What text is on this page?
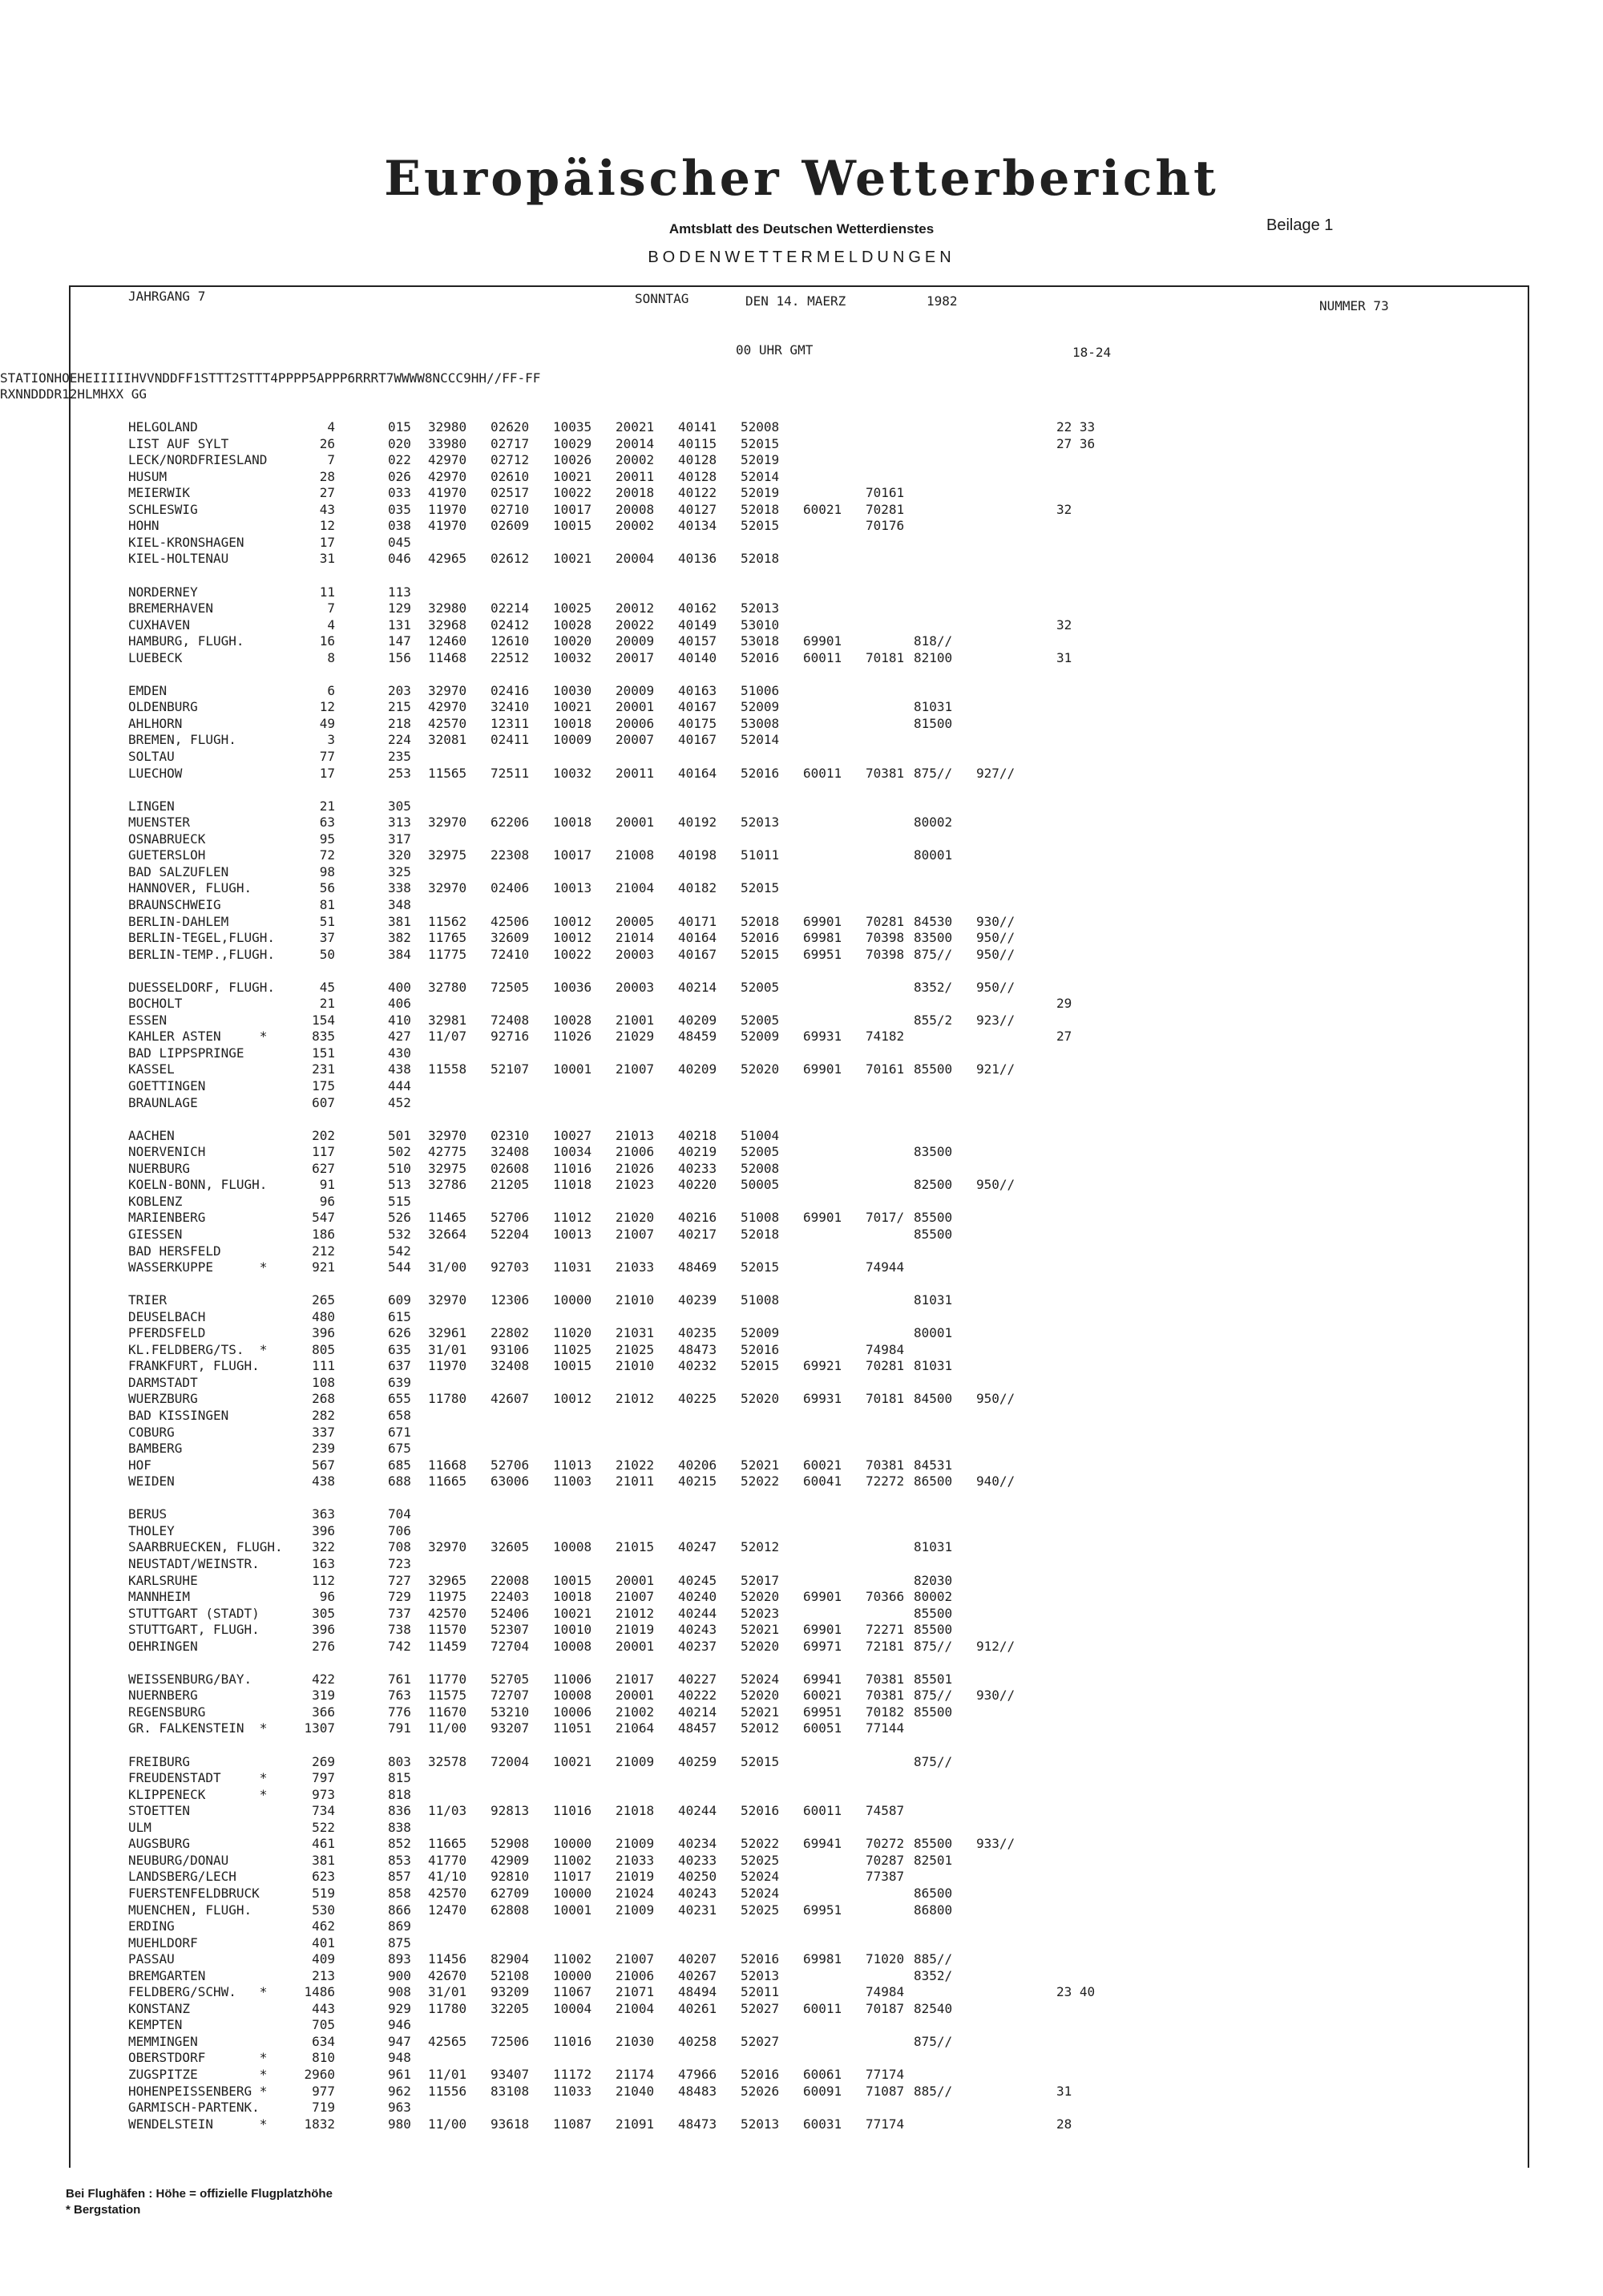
Europäischer Wetterbericht
Amtsblatt des Deutschen Wetterdienstes	Beilage 1
BODENWETTERMELDUNGEN
JAHRGANG 7	SONNTAG	DEN 14. MAERZ	1982	NUMMER 73
00 UHR GMT	18-24
STATIONHOEHEIIIIIHVVNDDFF1STTT2STTT4PPPP5APPP6RRRT7WWWW8NCCC9HH//FF-FF
RXNNDDDR12HLMHXX GG
HELGOLAND	4	015 32980 02620 10035 20021 40141 52008	22 33
LIST AUF SYLT	26	020 33980 02717 10029 20014 40115 52015	27 36
LECK/NORDFRIESLAND	7	022 42970 02712 10026 20002 40128 52019
HUSUM	28	026 42970 02610 10021 20011 40128 52014
MEIERWIK	27	033 41970 02517 10022 20018 40122 52019	70161
SCHLESWIG	43	035 11970 02710 10017 20008 40127 52018 60021 70281	32
HOHN	12	038 41970 02609 10015 20002 40134 52015	70176
KIEL-KRONSHAGEN	17	045
KIEL-HOLTENAU	31	046 42965 02612 10021 20004 40136 52018
NORDERNEY	11	113
BREMERHAVEN	7	129 32980 02214 10025 20012 40162 52013
CUXHAVEN	4	131 32968 02412 10028 20022 40149 53010	32
HAMBURG, FLUGH.	16	147 12460 12610 10020 20009 40157 53018 69901	818//
LUEBECK	8	156 11468 22512 10032 20017 40140 52016 60011 70181 82100	31
EMDEN	6	203 32970 02416 10030 20009 40163 51006
OLDENBURG	12	215 42970 32410 10021 20001 40167 52009	81031
AHLHORN	49	218 42570 12311 10018 20006 40175 53008	81500
BREMEN, FLUGH.	3	224 32081 02411 10009 20007 40167 52014
SOLTAU	77	235
LUECHOW	17	253 11565 72511 10032 20011 40164 52016 60011 70381 875// 927//
LINGEN	21	305
MUENSTER	63	313 32970 62206 10018 20001 40192 52013	80002
OSNABRUECK	95	317
GUETERSLOH	72	320 32975 22308 10017 21008 40198 51011	80001
BAD SALZUFLEN	98	325
HANNOVER, FLUGH.	56	338 32970 02406 10013 21004 40182 52015
BRAUNSCHWEIG	81	348
BERLIN-DAHLEM	51	381 11562 42506 10012 20005 40171 52018 69901 70281 84530 930//
BERLIN-TEGEL,FLUGH.	37	382 11765 32609 10012 21014 40164 52016 69981 70398 83500 950//
BERLIN-TEMP.,FLUGH.	50	384 11775 72410 10022 20003 40167 52015 69951 70398 875// 950//
DUESSELDORF, FLUGH.	45	400 32780 72505 10036 20003 40214 52005	8352/ 950//
BOCHOLT	21	406	29
ESSEN	154	410 32981 72408 10028 21001 40209 52005	855/2 923//
KAHLER ASTEN     *	835	427 11/07 92716 11026 21029 48459 52009 69931 74182	27
BAD LIPPSPRINGE	151	430
KASSEL	231	438 11558 52107 10001 21007 40209 52020 69901 70161 85500 921//
GOETTINGEN	175	444
BRAUNLAGE	607	452
AACHEN	202	501 32970 02310 10027 21013 40218 51004
NOERVENICH	117	502 42775 32408 10034 21006 40219 52005	83500
NUERBURG	627	510 32975 02608 11016 21026 40233 52008
KOELN-BONN, FLUGH.	91	513 32786 21205 11018 21023 40220 50005	82500 950//
KOBLENZ	96	515
MARIENBERG	547	526 11465 52706 11012 21020 40216 51008 69901 7017/ 85500
GIESSEN	186	532 32664 52204 10013 21007 40217 52018	85500
BAD HERSFELD	212	542
WASSERKUPPE      *	921	544 31/00 92703 11031 21033 48469 52015	74944
TRIER	265	609 32970 12306 10000 21010 40239 51008	81031
DEUSELBACH	480	615
PFERDSFELD	396	626 32961 22802 11020 21031 40235 52009	80001
KL.FELDBERG/TS.  *	805	635 31/01 93106 11025 21025 48473 52016	74984
FRANKFURT, FLUGH.	111	637 11970 32408 10015 21010 40232 52015 69921 70281 81031
DARMSTADT	108	639
WUERZBURG	268	655 11780 42607 10012 21012 40225 52020 69931 70181 84500 950//
BAD KISSINGEN	282	658
COBURG	337	671
BAMBERG	239	675
HOF	567	685 11668 52706 11013 21022 40206 52021 60021 70381 84531
WEIDEN	438	688 11665 63006 11003 21011 40215 52022 60041 72272 86500 940//
BERUS	363	704
THOLEY	396	706
SAARBRUECKEN, FLUGH. 322	708 32970 32605 10008 21015 40247 52012	81031
NEUSTADT/WEINSTR.	163	723
KARLSRUHE	112	727 32965 22008 10015 20001 40245 52017	82030
MANNHEIM	96	729 11975 22403 10018 21007 40240 52020 69901 70366 80002
STUTTGART (STADT)	305	737 42570 52406 10021 21012 40244 52023	85500
STUTTGART, FLUGH.	396	738 11570 52307 10010 21019 40243 52021 69901 72271 85500
OEHRINGEN	276	742 11459 72704 10008 20001 40237 52020 69971 72181 875// 912//
WEISSENBURG/BAY.	422	761 11770 52705 11006 21017 40227 52024 69941 70381 85501
NUERNBERG	319	763 11575 72707 10008 20001 40222 52020 60021 70381 875// 930//
REGENSBURG	366	776 11670 53210 10006 21002 40214 52021 69951 70182 85500
GR. FALKENSTEIN  *	1307	791 11/00 93207 11051 21064 48457 52012 60051 77144
FREIBURG	269	803 32578 72004 10021 21009 40259 52015	875//
FREUDENSTADT     *	797	815
KLIPPENECK       *	973	818
STOETTEN	734	836 11/03 92813 11016 21018 40244 52016 60011 74587
ULM	522	838
AUGSBURG	461	852 11665 52908 10000 21009 40234 52022 69941 70272 85500 933//
NEUBURG/DONAU	381	853 41770 42909 11002 21033 40233 52025	70287 82501
LANDSBERG/LECH	623	857 41/10 92810 11017 21019 40250 52024	77387
FUERSTENFELDBRUCK	519	858 42570 62709 10000 21024 40243 52024	86500
MUENCHEN, FLUGH.	530	866 12470 62808 10001 21009 40231 52025 69951	86800
ERDING	462	869
MUEHLDORF	401	875
PASSAU	409	893 11456 82904 11002 21007 40207 52016 69981 71020 885//
BREMGARTEN	213	900 42670 52108 10000 21006 40267 52013	8352/
FELDBERG/SCHW.   *	1486	908 31/01 93209 11067 21071 48494 52011	74984	23 40
KONSTANZ	443	929 11780 32205 10004 21004 40261 52027 60011 70187 82540
KEMPTEN	705	946
MEMMINGEN	634	947 42565 72506 11016 21030 40258 52027	875//
OBERSTDORF       *	810	948
ZUGSPITZE        *	2960	961 11/01 93407 11172 21174 47966 52016 60061 77174
HOHENPEISSENBERG *	977	962 11556 83108 11033 21040 48483 52026 60091 71087 885//	31
GARMISCH-PARTENK.	719	963
WENDELSTEIN      *	1832	980 11/00 93618 11087 21091 48473 52013 60031 77174	28
Bei Flughäfen : Höhe = offizielle Flugplatzhöhe
* Bergstation
